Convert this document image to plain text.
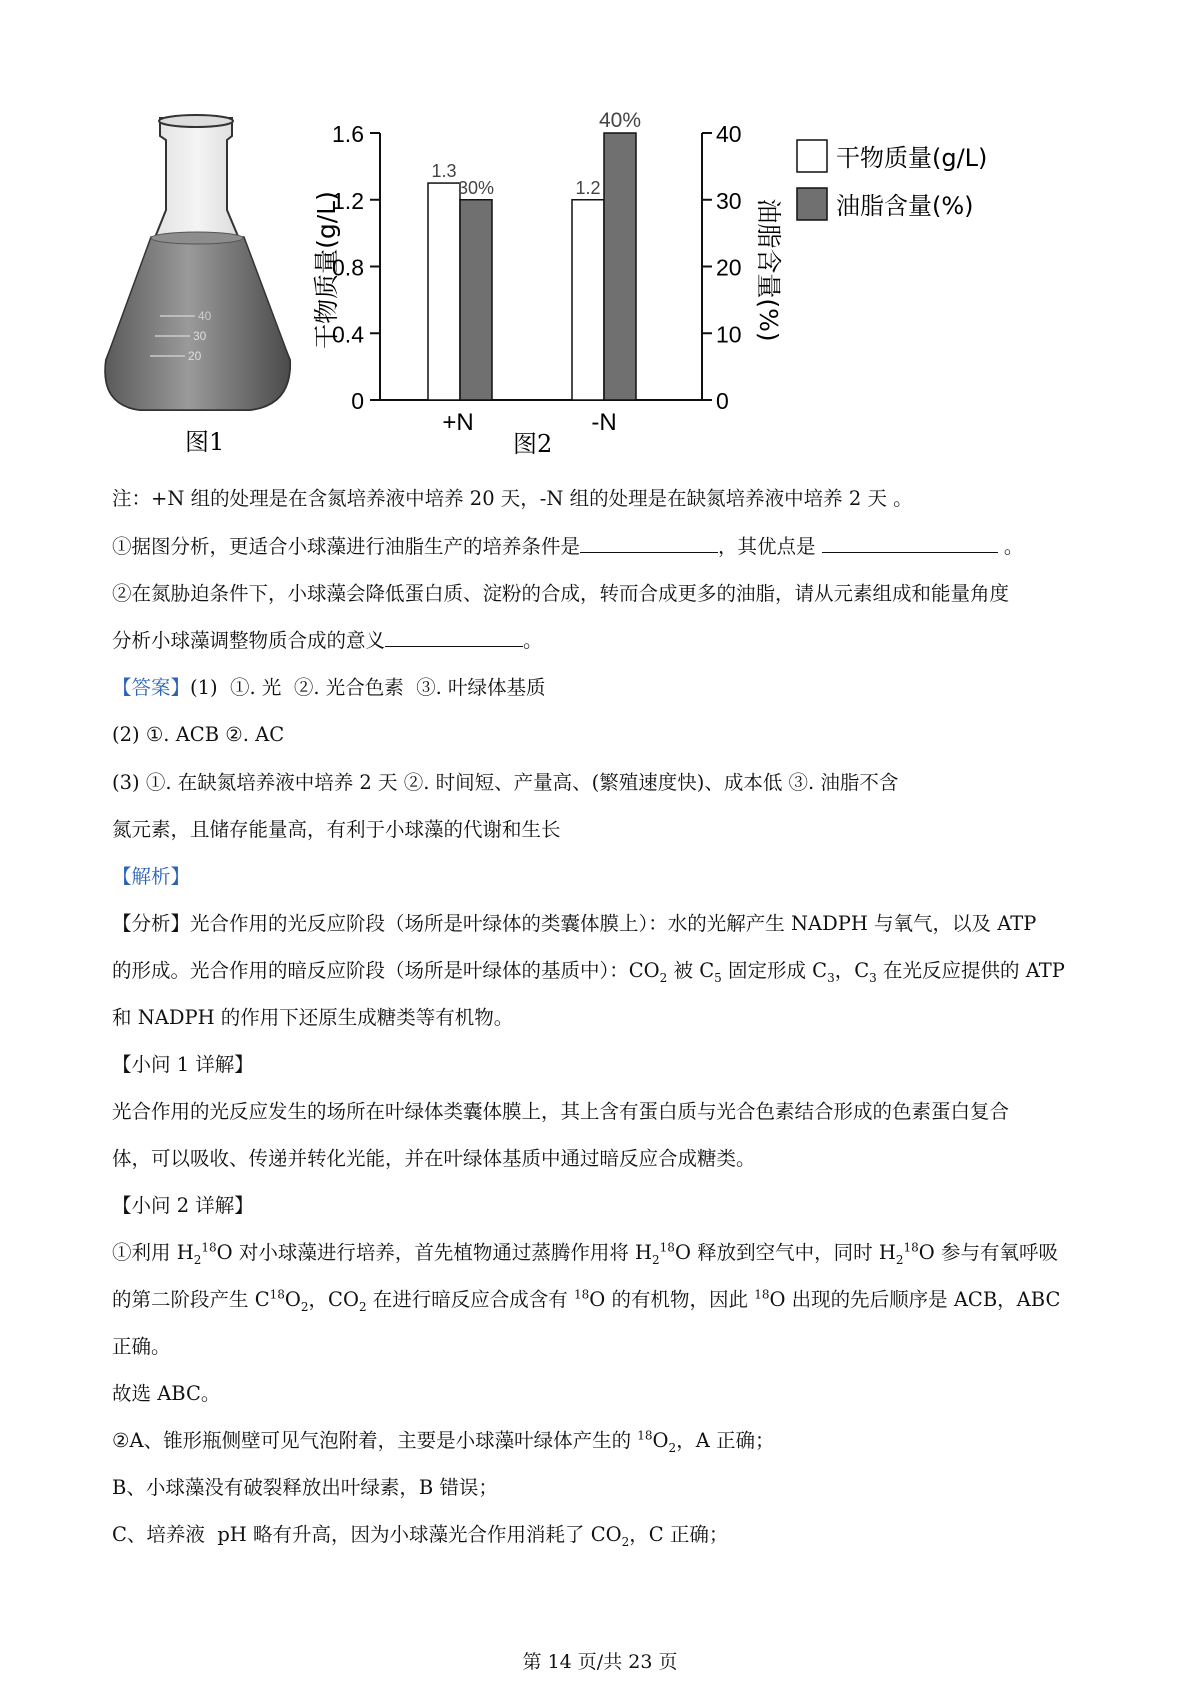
40
30
20
图1
1.6
1.2
0.8
0.4
0
40
30
20
10
0
1.3
30%	1.2
40%
干物质量(g/L)	油脂含量(%)
+N	-N
图2
干物质量(g/L)
油脂含量(%)
注：+N 组的处理是在含氮培养液中培养 20 天，-N 组的处理是在缺氮培养液中培养 2 天 。
①据图分析，更适合小球藻进行油脂生产的培养条件是	，其优点是	。
②在氮胁迫条件下，小球藻会降低蛋白质、淀粉的合成，转而合成更多的油脂，请从元素组成和能量角度
分析小球藻调整物质合成的意义	。
【答案】(1)  ①. 光  ②. 光合色素  ③. 叶绿体基质
(2) ①. ACB ②. AC
(3) ①. 在缺氮培养液中培养 2 天 ②. 时间短、产量高、(繁殖速度快)、成本低 ③. 油脂不含
氮元素，且储存能量高，有利于小球藻的代谢和生长
【解析】
【分析】光合作用的光反应阶段（场所是叶绿体的类囊体膜上）：水的光解产生 NADPH 与氧气，以及 ATP
的形成。光合作用的暗反应阶段（场所是叶绿体的基质中）：$CO_2$ 被 $C_5$ 固定形成 $C_3$，$C_3$ 在光反应提供的 ATP
和 NADPH 的作用下还原生成糖类等有机物。
【小问 1 详解】
光合作用的光反应发生的场所在叶绿体类囊体膜上，其上含有蛋白质与光合色素结合形成的色素蛋白复合
体，可以吸收、传递并转化光能，并在叶绿体基质中通过暗反应合成糖类。
【小问 2 详解】
①利用 $H_2^{18}O$ 对小球藻进行培养，首先植物通过蒸腾作用将 $H_2^{18}O$ 释放到空气中，同时 $H_2^{18}O$ 参与有氧呼吸
的第二阶段产生 $C^{18}O_2$，$CO_2$ 在进行暗反应合成含有 $^{18}$O 的有机物，因此 $^{18}$O 出现的先后顺序是 ACB，ABC
正确。
故选 ABC。
②A、锥形瓶侧壁可见气泡附着，主要是小球藻叶绿体产生的 $^{18}O_2$，A 正确；
B、小球藻没有破裂释放出叶绿素，B 错误；
C、培养液  pH 略有升高，因为小球藻光合作用消耗了 $CO_2$，C 正确；
第 14 页/共 23 页
